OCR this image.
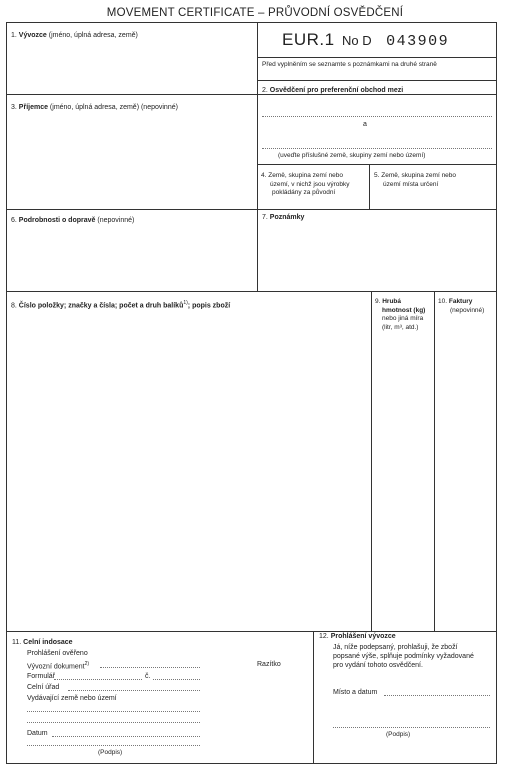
MOVEMENT CERTIFICATE – PRŮVODNÍ OSVĚDČENÍ
EUR.1 No D 043909
Před vyplněním se seznamte s poznámkami na druhé straně
1. Vývozce (jméno, úplná adresa, země)
2. Osvědčení pro preferenční obchod mezi
a
(uveďte příslušné země, skupiny zemí nebo území)
3. Příjemce (jméno, úplná adresa, země) (nepovinné)
4. Země, skupina zemí nebo
území, v nichž jsou výrobky
pokládány za původní
5. Země, skupina zemí nebo
území místa určení
6. Podrobnosti o dopravě (nepovinné)	7. Poznámky
8. Číslo položky; značky a čísla; počet a druh balíků$^{1)}$; popis zboží
9. Hrubá
hmotnost (kg)
nebo jiná míra
(litr, m³, atd.)
10. Faktury
(nepovinné)
11. Celní indosace
Prohlášení ověřeno
Vývozní dokument$^{2)}$
Formulář	č.
Celní úřad
Vydávající země nebo území
Razítko
Datum
(Podpis)
12. Prohlášení vývozce
Já, níže podepsaný, prohlašuji, že zboží
popsané výše, splňuje podmínky vyžadované
pro vydání tohoto osvědčení.
Místo a datum
(Podpis)
